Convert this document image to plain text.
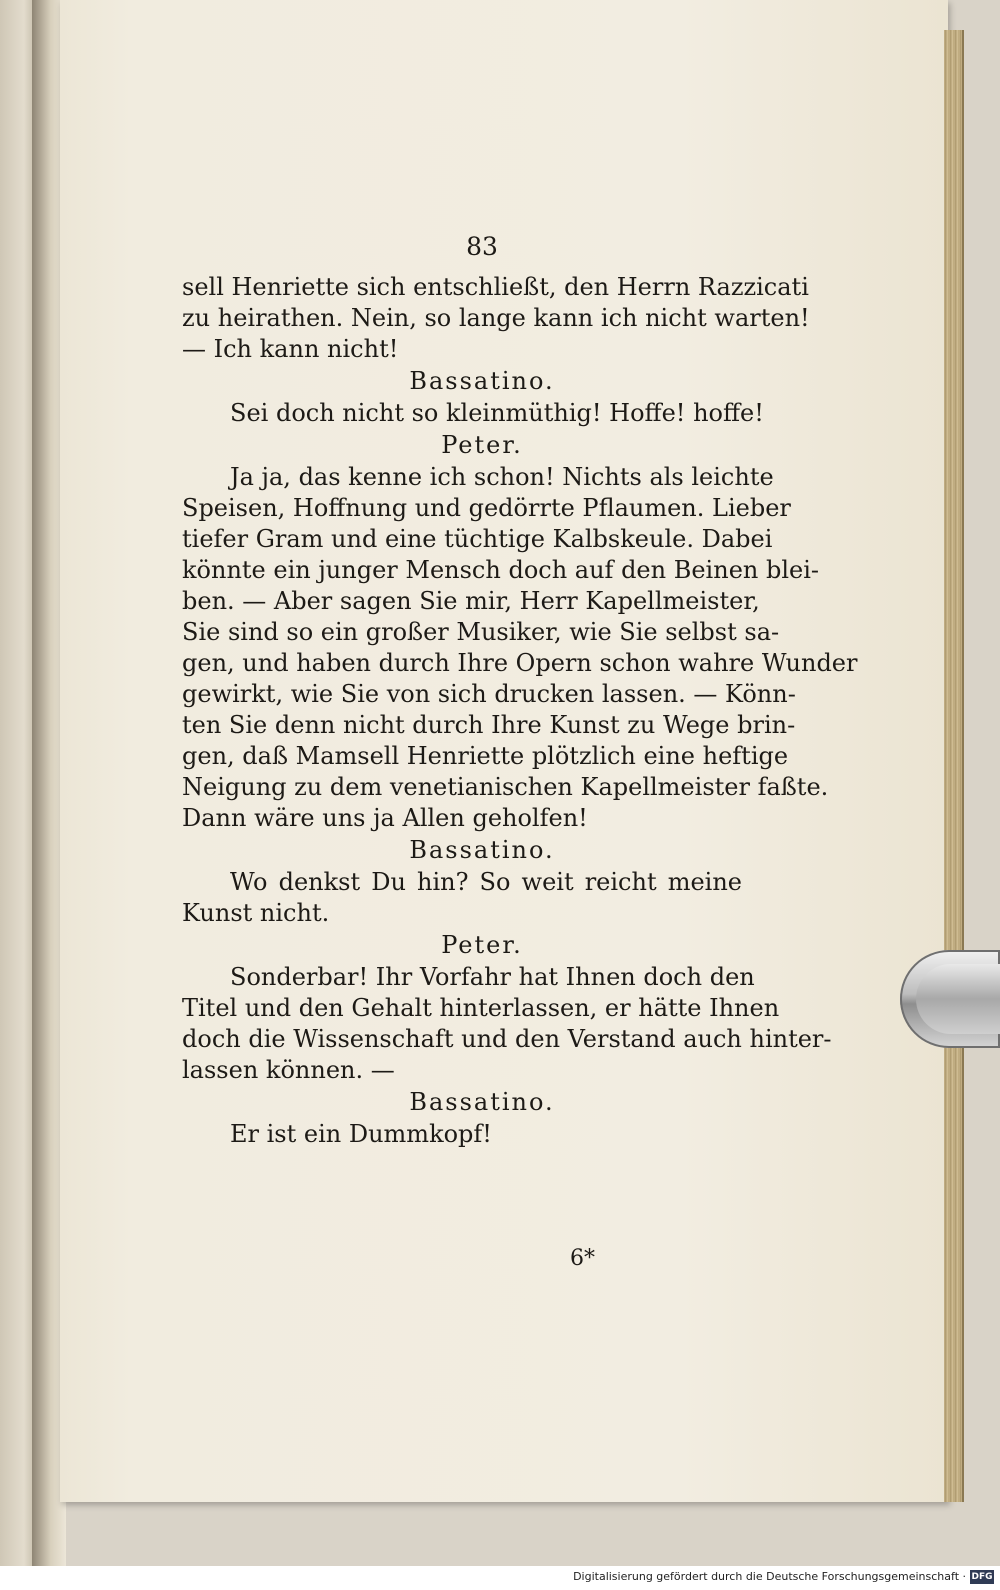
83
sell Henriette sich entschließt, den Herrn Razzicati
zu heirathen. Nein, so lange kann ich nicht warten!
— Ich kann nicht!
Bassatino.
Sei doch nicht so kleinmüthig! Hoffe! hoffe!
Peter.
Ja ja, das kenne ich schon! Nichts als leichte
Speisen, Hoffnung und gedörrte Pflaumen. Lieber
tiefer Gram und eine tüchtige Kalbskeule. Dabei
könnte ein junger Mensch doch auf den Beinen blei-
ben. — Aber sagen Sie mir, Herr Kapellmeister,
Sie sind so ein großer Musiker, wie Sie selbst sa-
gen, und haben durch Ihre Opern schon wahre Wunder
gewirkt, wie Sie von sich drucken lassen. — Könn-
ten Sie denn nicht durch Ihre Kunst zu Wege brin-
gen, daß Mamsell Henriette plötzlich eine heftige
Neigung zu dem venetianischen Kapellmeister faßte.
Dann wäre uns ja Allen geholfen!
Bassatino.
Wo denkst Du hin? So weit reicht meine
Kunst nicht.
Peter.
Sonderbar! Ihr Vorfahr hat Ihnen doch den
Titel und den Gehalt hinterlassen, er hätte Ihnen
doch die Wissenschaft und den Verstand auch hinter-
lassen können. —
Bassatino.
Er ist ein Dummkopf!
6*
Digitalisierung gefördert durch die Deutsche Forschungsgemeinschaft · DFG
